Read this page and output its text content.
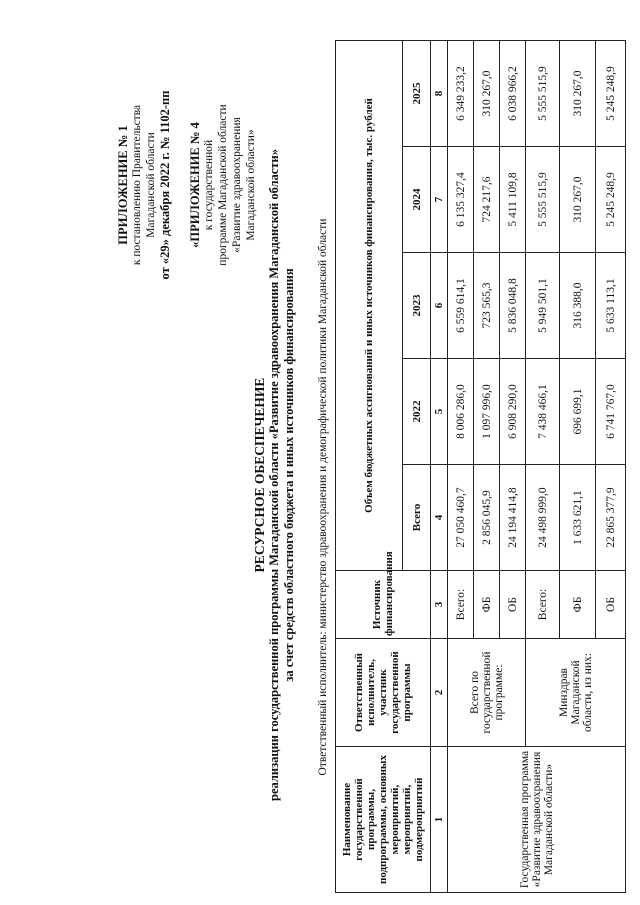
ПРИЛОЖЕНИЕ № 1 к постановлению Правительства Магаданской области от «29» декабря 2022 г. № 1102-пп «ПРИЛОЖЕНИЕ № 4 к государственной программе Магаданской области «Развитие здравоохранения Магаданской области»
РЕСУРСНОЕ ОБЕСПЕЧЕНИЕ реализации государственной программы Магаданской области «Развитие здравоохранения Магаданской области» за счет средств областного бюджета и иных источников финансирования Ответственный исполнитель: министерство здравоохранения и демографической политики Магаданской области
Наименование государственной программы, подпрограммы, основных мероприятий, мероприятий, подмероприятий	Ответственный исполнитель, участник государственной программы	Источник финансирования	Объем бюджетных ассигнований и иных источников финансирования, тыс. рублей				
			Всего	2022	2023	2024	2025
1	2	3	4	5	6	7	8
Государственная программа «Развитие здравоохранения Магаданской области»	Всего по государственной программе:	Всего:	27 050 460,7	8 006 286,0	6 559 614,1	6 135 327,4	6 349 233,2
		ФБ	2 856 045,9	1 097 996,0	723 565,3	724 217,6	310 267,0
		ОБ	24 194 414,8	6 908 290,0	5 836 048,8	5 411 109,8	6 038 966,2
	Минздрав Магаданской области, из них:	Всего:	24 498 999,0	7 438 466,1	5 949 501,1	5 555 515,9	5 555 515,9
		ФБ	1 633 621,1	696 699,1	316 388,0	310 267,0	310 267,0
		ОБ	22 865 377,9	6 741 767,0	5 633 113,1	5 245 248,9	5 245 248,9
